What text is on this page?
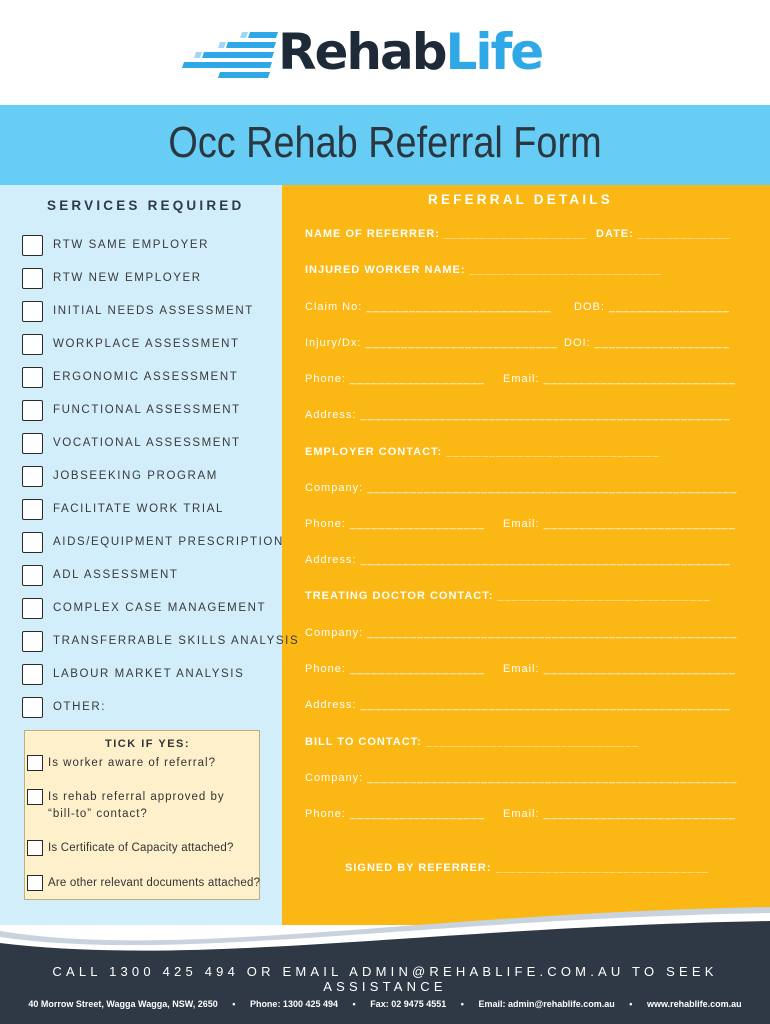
RehabLife
Occ Rehab Referral Form
SERVICES REQUIRED	REFERRAL DETAILS
RTW SAME EMPLOYER
RTW NEW EMPLOYER
INITIAL NEEDS ASSESSMENT
WORKPLACE ASSESSMENT
ERGONOMIC ASSESSMENT
FUNCTIONAL ASSESSMENT
VOCATIONAL ASSESSMENT
JOBSEEKING PROGRAM
FACILITATE WORK TRIAL
AIDS/EQUIPMENT PRESCRIPTION
ADL ASSESSMENT
COMPLEX CASE MANAGEMENT
TRANSFERRABLE SKILLS ANALYSIS
LABOUR MARKET ANALYSIS
OTHER:
TICK IF YES:
Is worker aware of referral?
Is rehab referral approved by
“bill-to” contact?
Is Certificate of Capacity attached?
Are other relevant documents attached?
NAME OF REFERRER: ____________________ DATE: _____________
INJURED WORKER NAME: ___________________________
Claim No: __________________________ DOB: _________________
Injury/Dx: ___________________________ DOI: ___________________
Phone: ___________________ Email: ___________________________
Address: ____________________________________________________
EMPLOYER CONTACT: ______________________________
Company: ____________________________________________________
Phone: ___________________ Email: ___________________________
Address: ____________________________________________________
TREATING DOCTOR CONTACT: ______________________________
Company: ____________________________________________________
Phone: ___________________ Email: ___________________________
Address: ____________________________________________________
BILL TO CONTACT: ______________________________
Company: ____________________________________________________
Phone: ___________________ Email: ___________________________
SIGNED BY REFERRER: ______________________________
CALL 1300 425 494 OR EMAIL ADMIN@REHABLIFE.COM.AU TO SEEK ASSISTANCE
40 Morrow Street, Wagga Wagga, NSW, 2650 • Phone: 1300 425 494 • Fax: 02 9475 4551 • Email: admin@rehablife.com.au • www.rehablife.com.au
